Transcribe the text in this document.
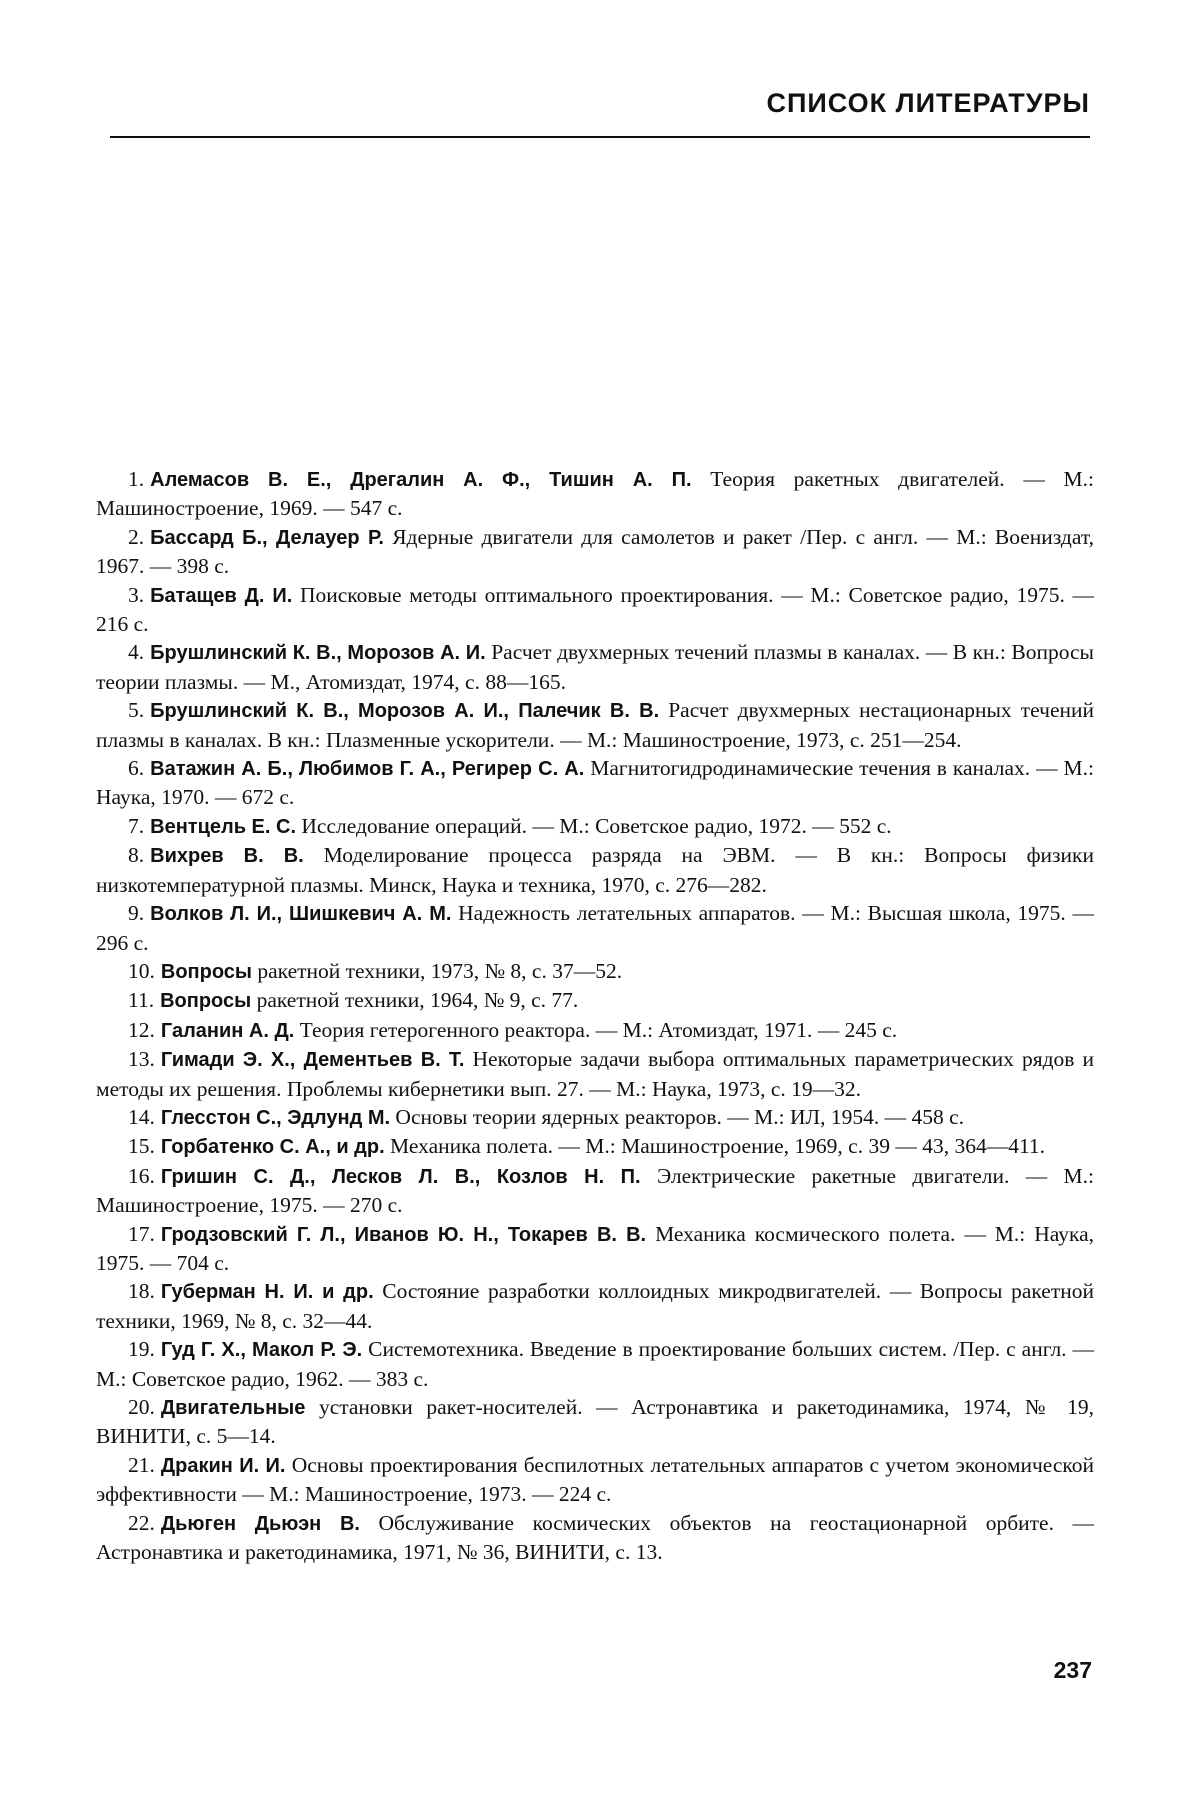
СПИСОК ЛИТЕРАТУРЫ
1. Алемасов В. Е., Дрегалин А. Ф., Тишин А. П. Теория ракетных двигателей. — М.: Машиностроение, 1969. — 547 с.
2. Бассард Б., Делауер Р. Ядерные двигатели для самолетов и ракет /Пер. с англ. — М.: Воениздат, 1967. — 398 с.
3. Батащев Д. И. Поисковые методы оптимального проектирования. — М.: Советское радио, 1975. — 216 с.
4. Брушлинский К. В., Морозов А. И. Расчет двухмерных течений плазмы в каналах. — В кн.: Вопросы теории плазмы. — М., Атомиздат, 1974, с. 88—165.
5. Брушлинский К. В., Морозов А. И., Палечик В. В. Расчет двухмерных нестационарных течений плазмы в каналах. В кн.: Плазменные ускорители. — М.: Машиностроение, 1973, с. 251—254.
6. Ватажин А. Б., Любимов Г. А., Регирер С. А. Магнитогидродинамические течения в каналах. — М.: Наука, 1970. — 672 с.
7. Вентцель Е. С. Исследование операций. — М.: Советское радио, 1972. — 552 с.
8. Вихрев В. В. Моделирование процесса разряда на ЭВМ. — В кн.: Вопросы физики низкотемпературной плазмы. Минск, Наука и техника, 1970, с. 276—282.
9. Волков Л. И., Шишкевич А. М. Надежность летательных аппаратов. — М.: Высшая школа, 1975. — 296 с.
10. Вопросы ракетной техники, 1973, № 8, с. 37—52.
11. Вопросы ракетной техники, 1964, № 9, с. 77.
12. Галанин А. Д. Теория гетерогенного реактора. — М.: Атомиздат, 1971. — 245 с.
13. Гимади Э. Х., Дементьев В. Т. Некоторые задачи выбора оптимальных параметрических рядов и методы их решения. Проблемы кибернетики вып. 27. — М.: Наука, 1973, с. 19—32.
14. Глесстон С., Эдлунд М. Основы теории ядерных реакторов. — М.: ИЛ, 1954. — 458 с.
15. Горбатенко С. А., и др. Механика полета. — М.: Машиностроение, 1969, с. 39 — 43, 364—411.
16. Гришин С. Д., Лесков Л. В., Козлов Н. П. Электрические ракетные двигатели. — М.: Машиностроение, 1975. — 270 с.
17. Гродзовский Г. Л., Иванов Ю. Н., Токарев В. В. Механика космического полета. — М.: Наука, 1975. — 704 с.
18. Губерман Н. И. и др. Состояние разработки коллоидных микродвигателей. — Вопросы ракетной техники, 1969, № 8, с. 32—44.
19. Гуд Г. Х., Макол Р. Э. Системотехника. Введение в проектирование больших систем. /Пер. с англ. — М.: Советское радио, 1962. — 383 с.
20. Двигательные установки ракет-носителей. — Астронавтика и ракетодинамика, 1974, № 19, ВИНИТИ, с. 5—14.
21. Дракин И. И. Основы проектирования беспилотных летательных аппаратов с учетом экономической эффективности — М.: Машиностроение, 1973. — 224 с.
22. Дьюген Дьюэн В. Обслуживание космических объектов на геостационарной орбите. — Астронавтика и ракетодинамика, 1971, № 36, ВИНИТИ, с. 13.

237
